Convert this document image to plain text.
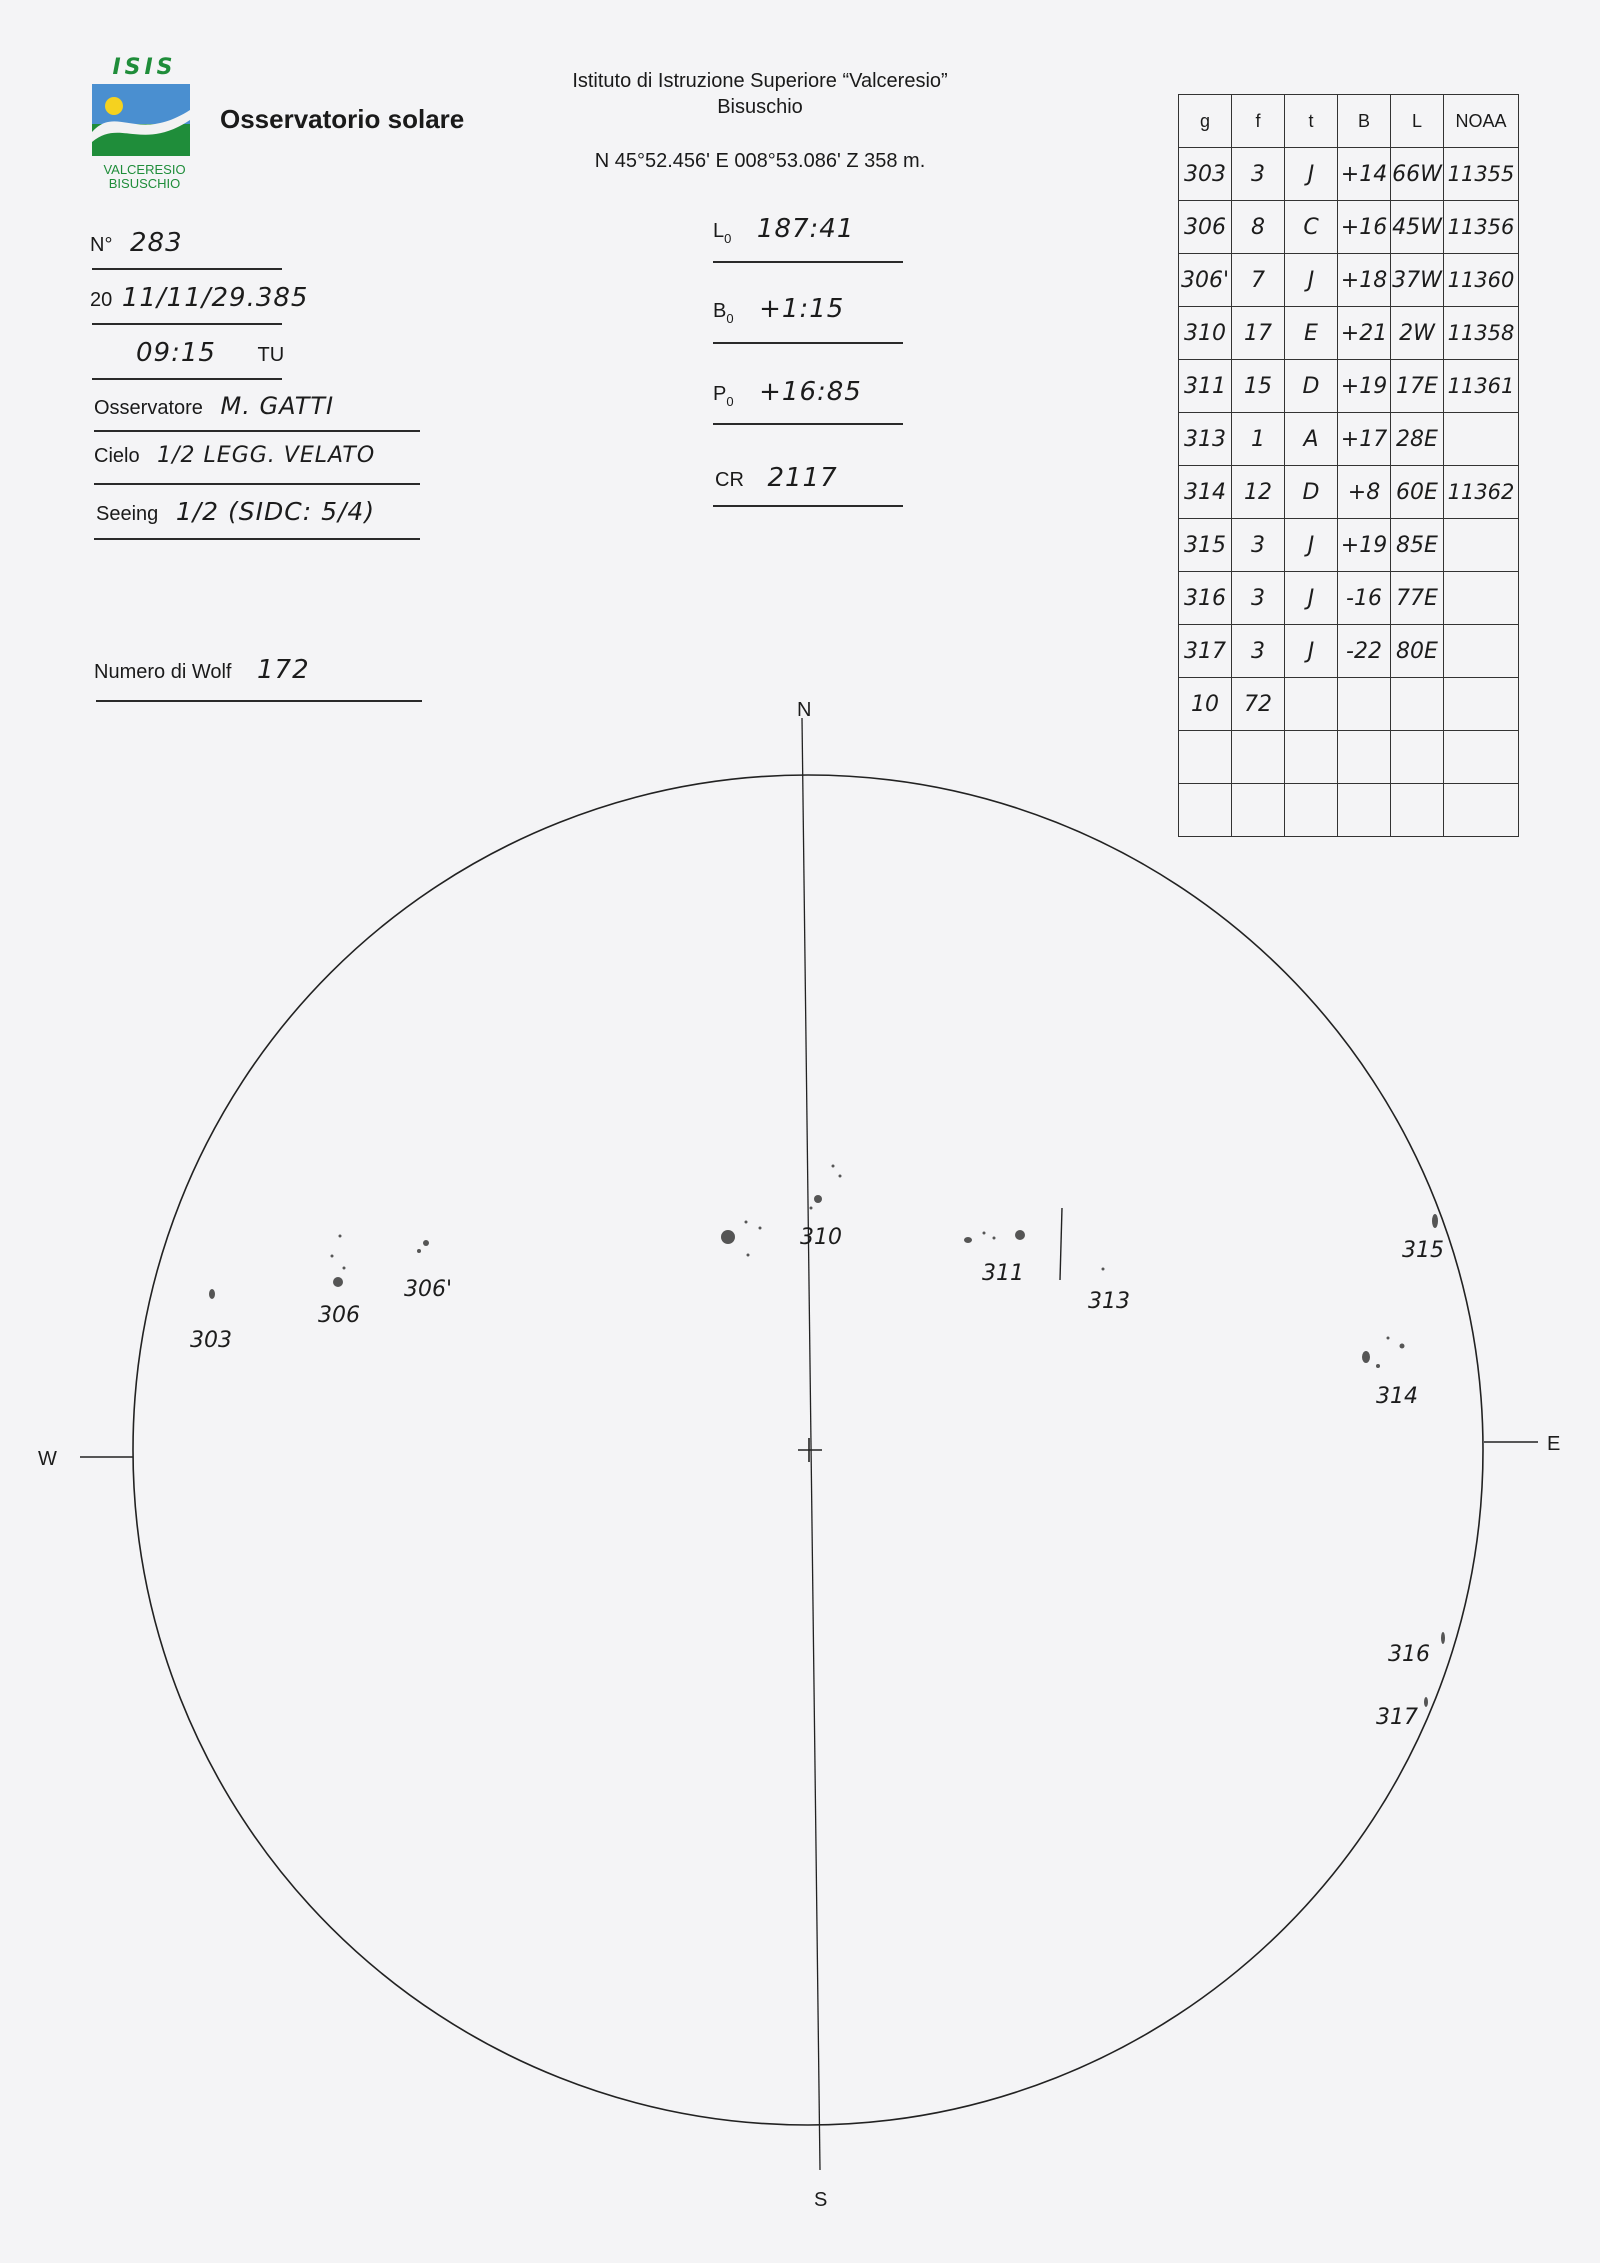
ISIS
VALCERESIO
BISUSCHIO
Osservatorio solare
Istituto di Istruzione Superiore “Valceresio”
Bisuschio
N 45°52.456' E 008°53.086' Z 358 m.
N° 283
20 11/11/29.385
09:15 TU
Osservatore M. GATTI
Cielo 1/2 LEGG. VELATO
Seeing 1/2 (SIDC: 5/4)
Numero di Wolf 172
$L_0$ 187:41
$B_0$ +1:15
$P_0$ +16:85
CR 2117
g	f	t	B	L	NOAA
303	3	J	+14	66W	11355
306	8	C	+16	45W	11356
306'	7	J	+18	37W	11360
310	17	E	+21	2W	11358
311	15	D	+19	17E	11361
313	1	A	+17	28E	
314	12	D	+8	60E	11362
315	3	J	+19	85E	
316	3	J	-16	77E	
317	3	J	-22	80E	
10	72				

N
S
E
W
303
306
306'
310
311
313
314
315
316
317
